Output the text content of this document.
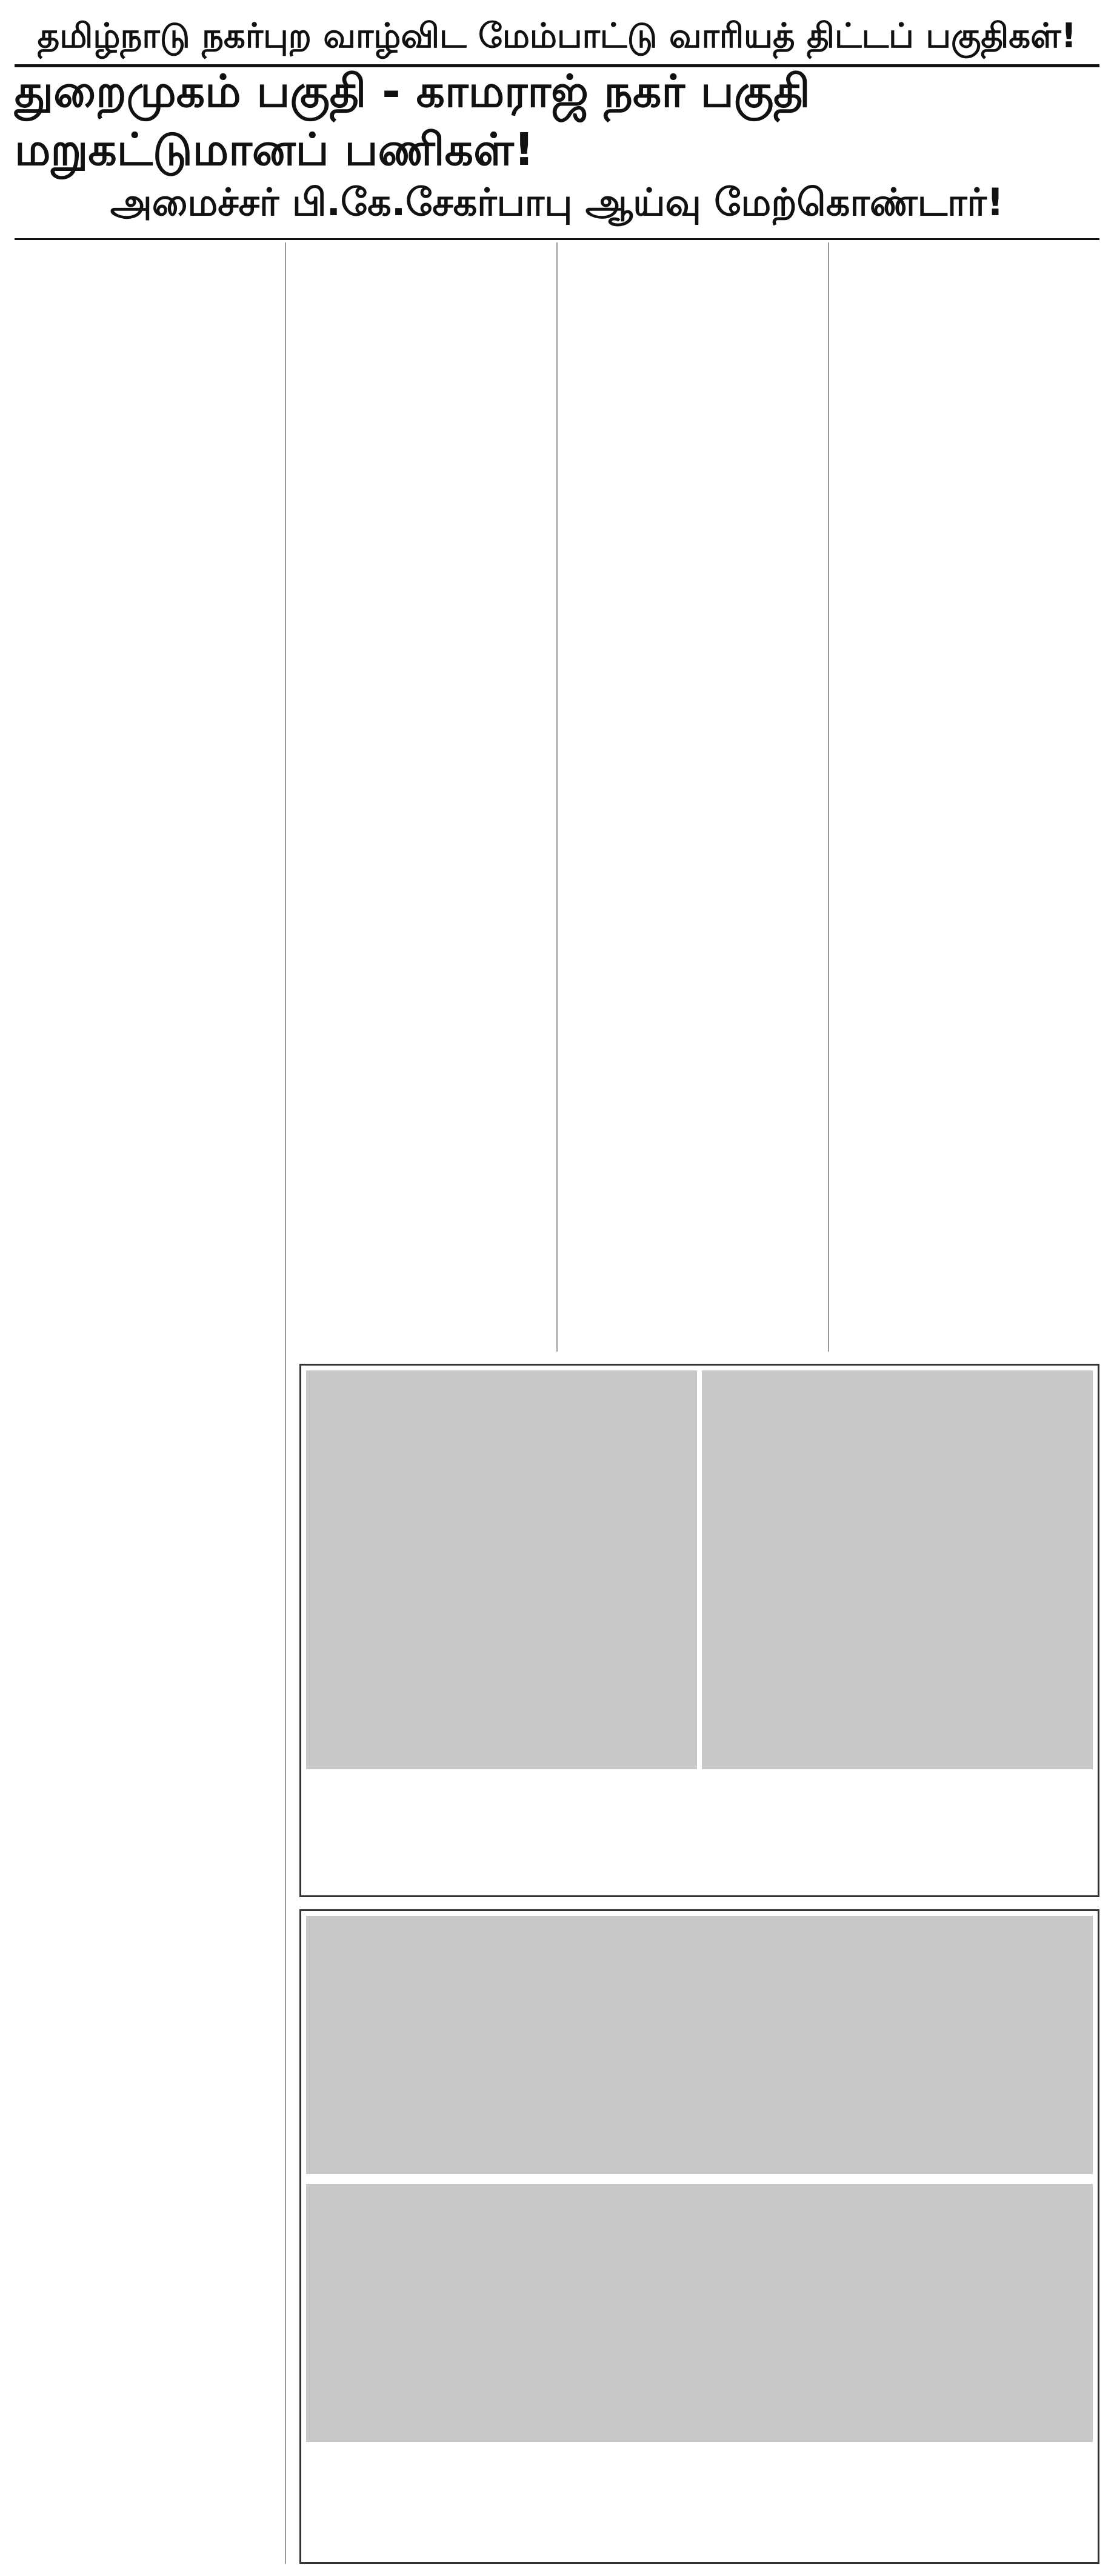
தமிழ்நாடு நகர்புற வாழ்விட மேம்பாட்டு வாரியத் திட்டப் பகுதிகள்!
துறைமுகம் பகுதி - காமராஜ் நகர் பகுதி மறுகட்டுமானப் பணிகள்!
அமைச்சர் பி.கே.சேகர்பாபு ஆய்வு மேற்கொண்டார்!
